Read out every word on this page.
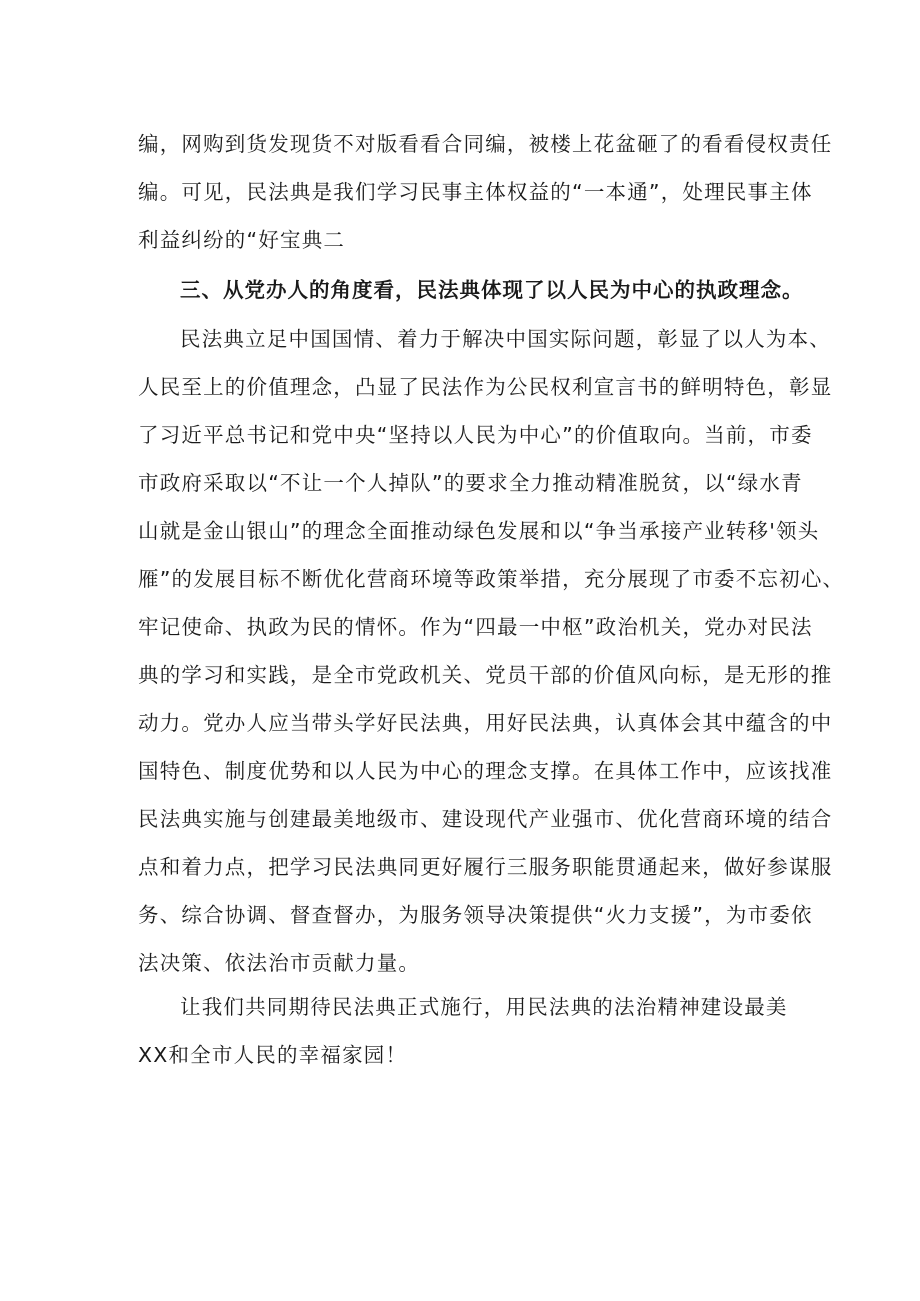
编，网购到货发现货不对版看看合同编，被楼上花盆砸了的看看侵权责任
编。可见，民法典是我们学习民事主体权益的“一本通”，处理民事主体
利益纠纷的“好宝典二
三、从党办人的角度看，民法典体现了以人民为中心的执政理念。
民法典立足中国国情、着力于解决中国实际问题，彰显了以人为本、
人民至上的价值理念，凸显了民法作为公民权利宣言书的鲜明特色，彰显
了习近平总书记和党中央“坚持以人民为中心”的价值取向。当前，市委
市政府采取以“不让一个人掉队”的要求全力推动精准脱贫，以“绿水青
山就是金山银山”的理念全面推动绿色发展和以“争当承接产业转移'领头
雁”的发展目标不断优化营商环境等政策举措，充分展现了市委不忘初心、
牢记使命、执政为民的情怀。作为“四最一中枢”政治机关，党办对民法
典的学习和实践，是全市党政机关、党员干部的价值风向标，是无形的推
动力。党办人应当带头学好民法典，用好民法典，认真体会其中蕴含的中
国特色、制度优势和以人民为中心的理念支撑。在具体工作中，应该找准
民法典实施与创建最美地级市、建设现代产业强市、优化营商环境的结合
点和着力点，把学习民法典同更好履行三服务职能贯通起来，做好参谋服
务、综合协调、督查督办，为服务领导决策提供“火力支援”，为市委依
法决策、依法治市贡献力量。
让我们共同期待民法典正式施行，用民法典的法治精神建设最美
XX和全市人民的幸福家园！
